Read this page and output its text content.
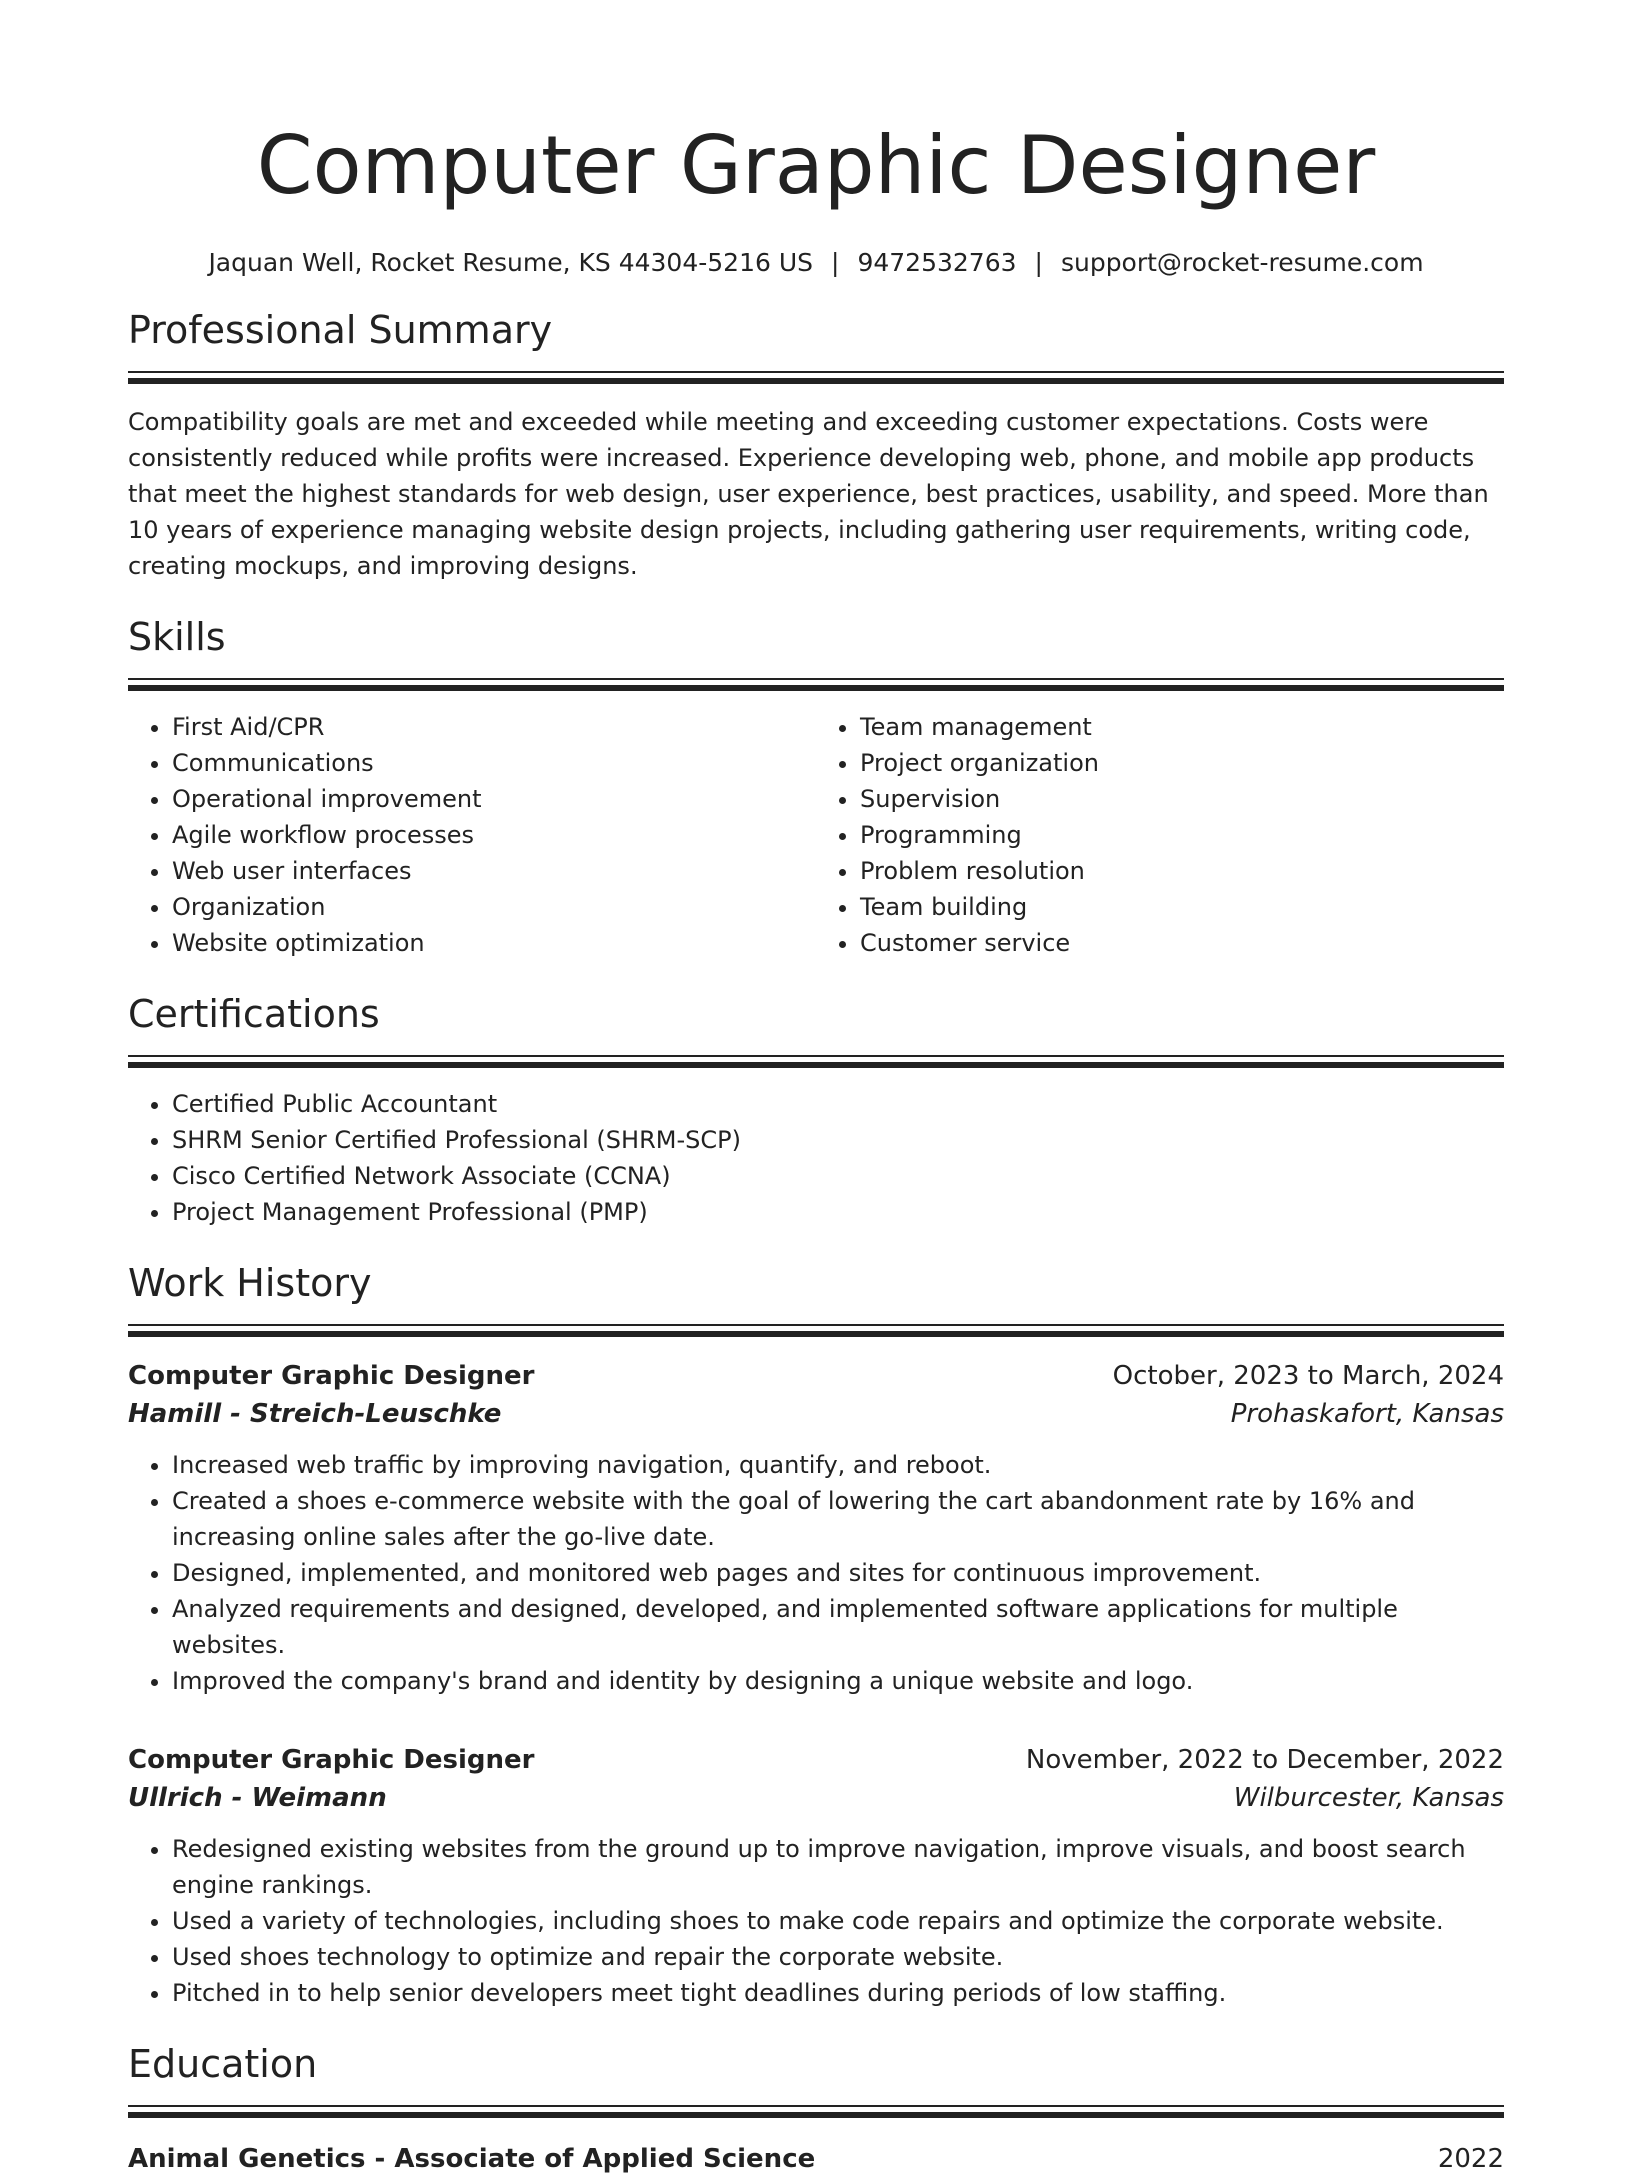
Computer Graphic Designer
Jaquan Well, Rocket Resume, KS 44304-5216 US | 9472532763 | support@rocket-resume.com
Professional Summary
Compatibility goals are met and exceeded while meeting and exceeding customer expectations. Costs were consistently reduced while profits were increased. Experience developing web, phone, and mobile app products that meet the highest standards for web design, user experience, best practices, usability, and speed. More than 10 years of experience managing website design projects, including gathering user requirements, writing code, creating mockups, and improving designs.
Skills
• First Aid/CPR
• Communications
• Operational improvement
• Agile workflow processes
• Web user interfaces
• Organization
• Website optimization
• Team management
• Project organization
• Supervision
• Programming
• Problem resolution
• Team building
• Customer service
Certifications
• Certified Public Accountant
• SHRM Senior Certified Professional (SHRM-SCP)
• Cisco Certified Network Associate (CCNA)
• Project Management Professional (PMP)
Work History
Computer Graphic Designer	October, 2023 to March, 2024
Hamill - Streich-Leuschke	Prohaskafort, Kansas
• Increased web traffic by improving navigation, quantify, and reboot.
• Created a shoes e-commerce website with the goal of lowering the cart abandonment rate by 16% and increasing online sales after the go-live date.
• Designed, implemented, and monitored web pages and sites for continuous improvement.
• Analyzed requirements and designed, developed, and implemented software applications for multiple websites.
• Improved the company's brand and identity by designing a unique website and logo.
Computer Graphic Designer	November, 2022 to December, 2022
Ullrich - Weimann	Wilburcester, Kansas
• Redesigned existing websites from the ground up to improve navigation, improve visuals, and boost search engine rankings.
• Used a variety of technologies, including shoes to make code repairs and optimize the corporate website.
• Used shoes technology to optimize and repair the corporate website.
• Pitched in to help senior developers meet tight deadlines during periods of low staffing.
Education
Animal Genetics - Associate of Applied Science	2022
